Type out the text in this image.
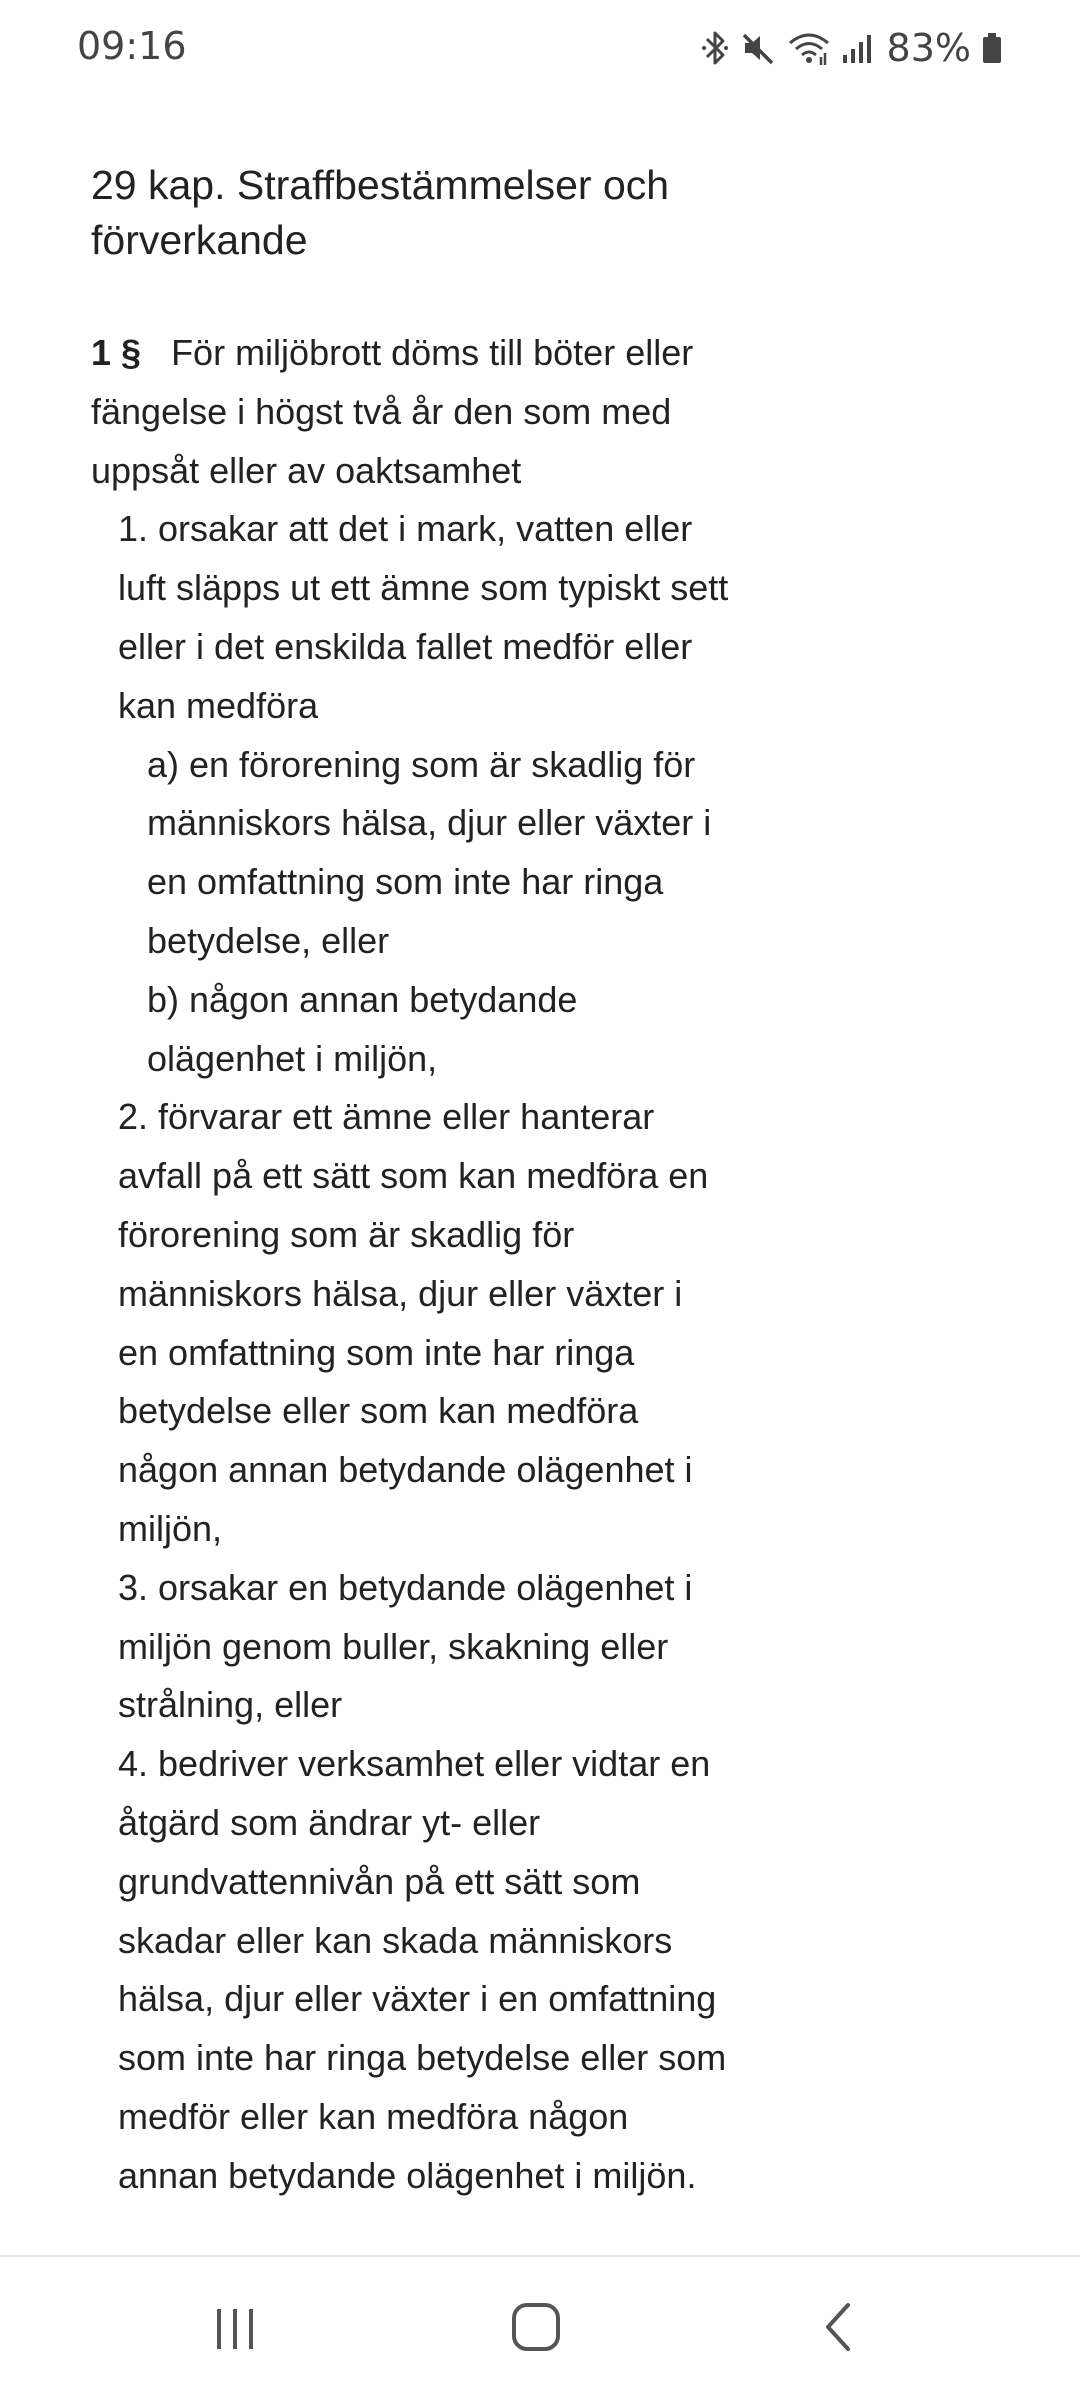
09:16	83%
29 kap. Straffbestämmelser och förverkande
1 § För miljöbrott döms till böter eller fängelse i högst två år den som med uppsåt eller av oaktsamhet
1. orsakar att det i mark, vatten eller luft släpps ut ett ämne som typiskt sett eller i det enskilda fallet medför eller kan medföra
a) en förorening som är skadlig för människors hälsa, djur eller växter i en omfattning som inte har ringa betydelse, eller
b) någon annan betydande olägenhet i miljön,
2. förvarar ett ämne eller hanterar avfall på ett sätt som kan medföra en förorening som är skadlig för människors hälsa, djur eller växter i en omfattning som inte har ringa betydelse eller som kan medföra någon annan betydande olägenhet i miljön,
3. orsakar en betydande olägenhet i miljön genom buller, skakning eller strålning, eller
4. bedriver verksamhet eller vidtar en åtgärd som ändrar yt- eller grundvattennivån på ett sätt som skadar eller kan skada människors hälsa, djur eller växter i en omfattning som inte har ringa betydelse eller som medför eller kan medföra någon annan betydande olägenhet i miljön.
